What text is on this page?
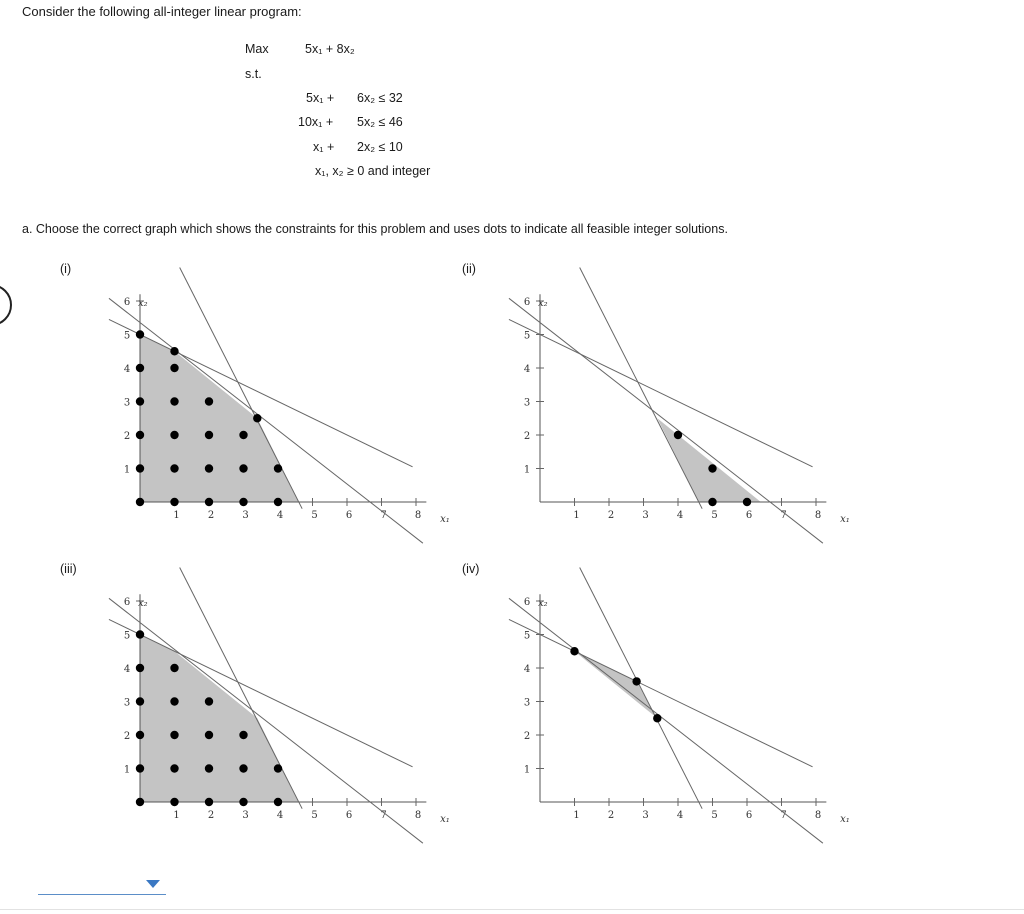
Consider the following all-integer linear program:
Max	5x₁ + 8x₂
s.t.
5x₁ + 6x₂ ≤ 32
10x₁ + 5x₂ ≤ 46
x₁ + 2x₂ ≤ 10
x₁, x₂ ≥ 0 and integer
a. Choose the correct graph which shows the constraints for this problem and uses dots to indicate all feasible integer solutions.
(i)	(ii)
(iii)	(iv)
1	2	3	4	5	6	7	8
1
2
3
4
5
6
x₁
x₂
1	2	3	4	5	6	7	8
1
2
3
4
5
6
x₁
x₂
1	2	3	4	5	6	7	8
1
2
3
4
5
6
x₁
x₂
1	2	3	4	5	6	7	8
1
2
3
4
5
6
x₁
x₂
